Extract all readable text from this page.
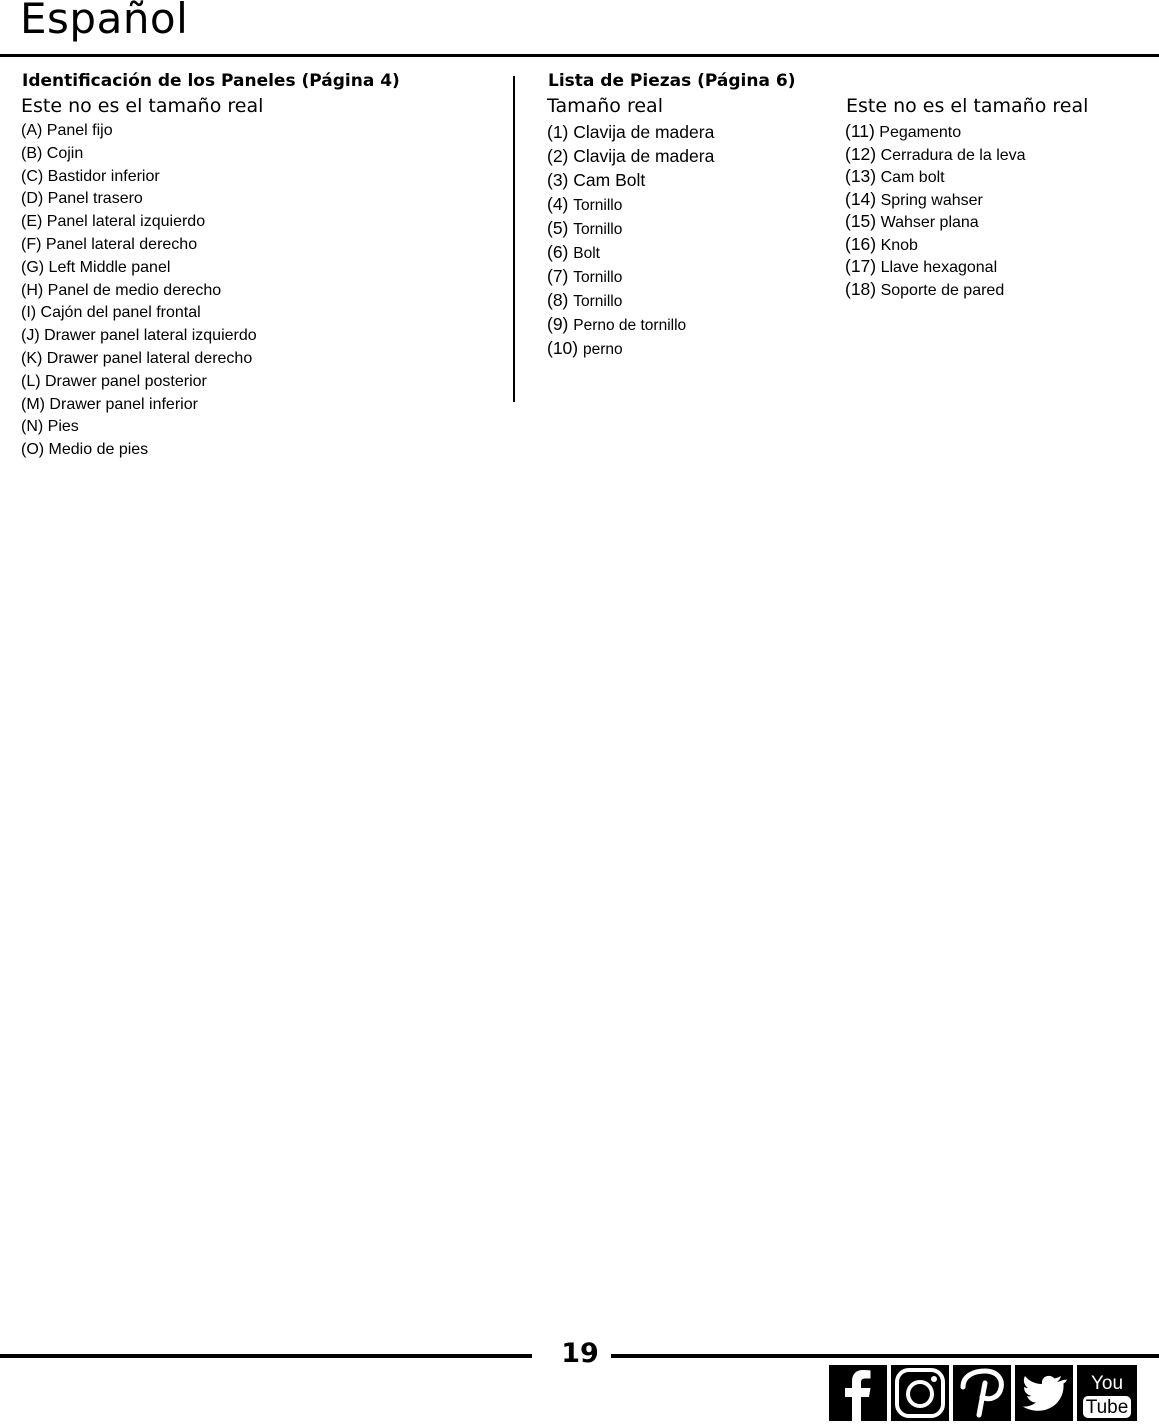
Español
Identificación de los Paneles (Página 4)
Este no es el tamaño real
(A) Panel fijo
(B) Cojin
(C) Bastidor inferior
(D) Panel trasero
(E) Panel lateral izquierdo
(F) Panel lateral derecho
(G) Left Middle panel
(H) Panel de medio derecho
(I) Cajón del panel frontal
(J) Drawer panel lateral izquierdo
(K) Drawer panel lateral derecho
(L) Drawer panel posterior
(M) Drawer panel inferior
(N) Pies
(O) Medio de pies
Lista de Piezas (Página 6)
Tamaño real	Este no es el tamaño real
(1) Clavija de madera
(2) Clavija de madera
(3) Cam Bolt
(4) Tornillo
(5) Tornillo
(6) Bolt
(7) Tornillo
(8) Tornillo
(9) Perno de tornillo
(10) perno
(11) Pegamento
(12) Cerradura de la leva
(13) Cam bolt
(14) Spring wahser
(15) Wahser plana
(16) Knob
(17) Llave hexagonal
(18) Soporte de pared
19
You
Tube
